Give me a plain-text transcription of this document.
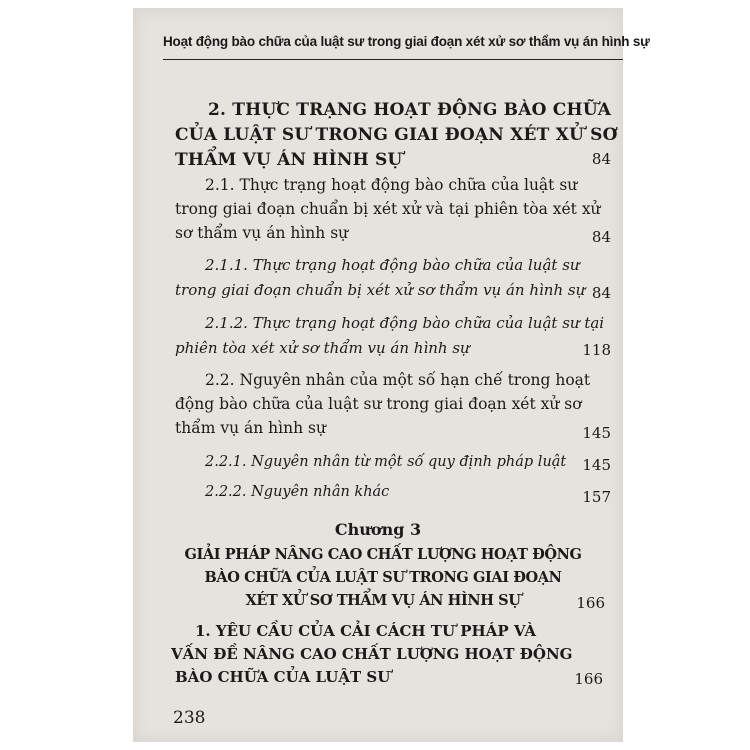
Hoạt động bào chữa của luật sư trong giai đoạn xét xử sơ thẩm vụ án hình sự
2. THỰC TRẠNG HOẠT ĐỘNG BÀO CHỮA
CỦA LUẬT SƯ TRONG GIAI ĐOẠN XÉT XỬ SƠ
THẨM VỤ ÁN HÌNH SỰ	84
2.1. Thực trạng hoạt động bào chữa của luật sư
trong giai đoạn chuẩn bị xét xử và tại phiên tòa xét xử
sơ thẩm vụ án hình sự	84
2.1.1. Thực trạng hoạt động bào chữa của luật sư
trong giai đoạn chuẩn bị xét xử sơ thẩm vụ án hình sự 84
2.1.2. Thực trạng hoạt động bào chữa của luật sư tại
phiên tòa xét xử sơ thẩm vụ án hình sự	118
2.2. Nguyên nhân của một số hạn chế trong hoạt
động bào chữa của luật sư trong giai đoạn xét xử sơ
thẩm vụ án hình sự	145
2.2.1. Nguyên nhân từ một số quy định pháp luật 145
2.2.2. Nguyên nhân khác	157
Chương 3
GIẢI PHÁP NÂNG CAO CHẤT LƯỢNG HOẠT ĐỘNG
BÀO CHỮA CỦA LUẬT SƯ TRONG GIAI ĐOẠN
XÉT XỬ SƠ THẨM VỤ ÁN HÌNH SỰ	166
1. YÊU CẦU CỦA CẢI CÁCH TƯ PHÁP VÀ
VẤN ĐỀ NÂNG CAO CHẤT LƯỢNG HOẠT ĐỘNG
BÀO CHỮA CỦA LUẬT SƯ	166
238
